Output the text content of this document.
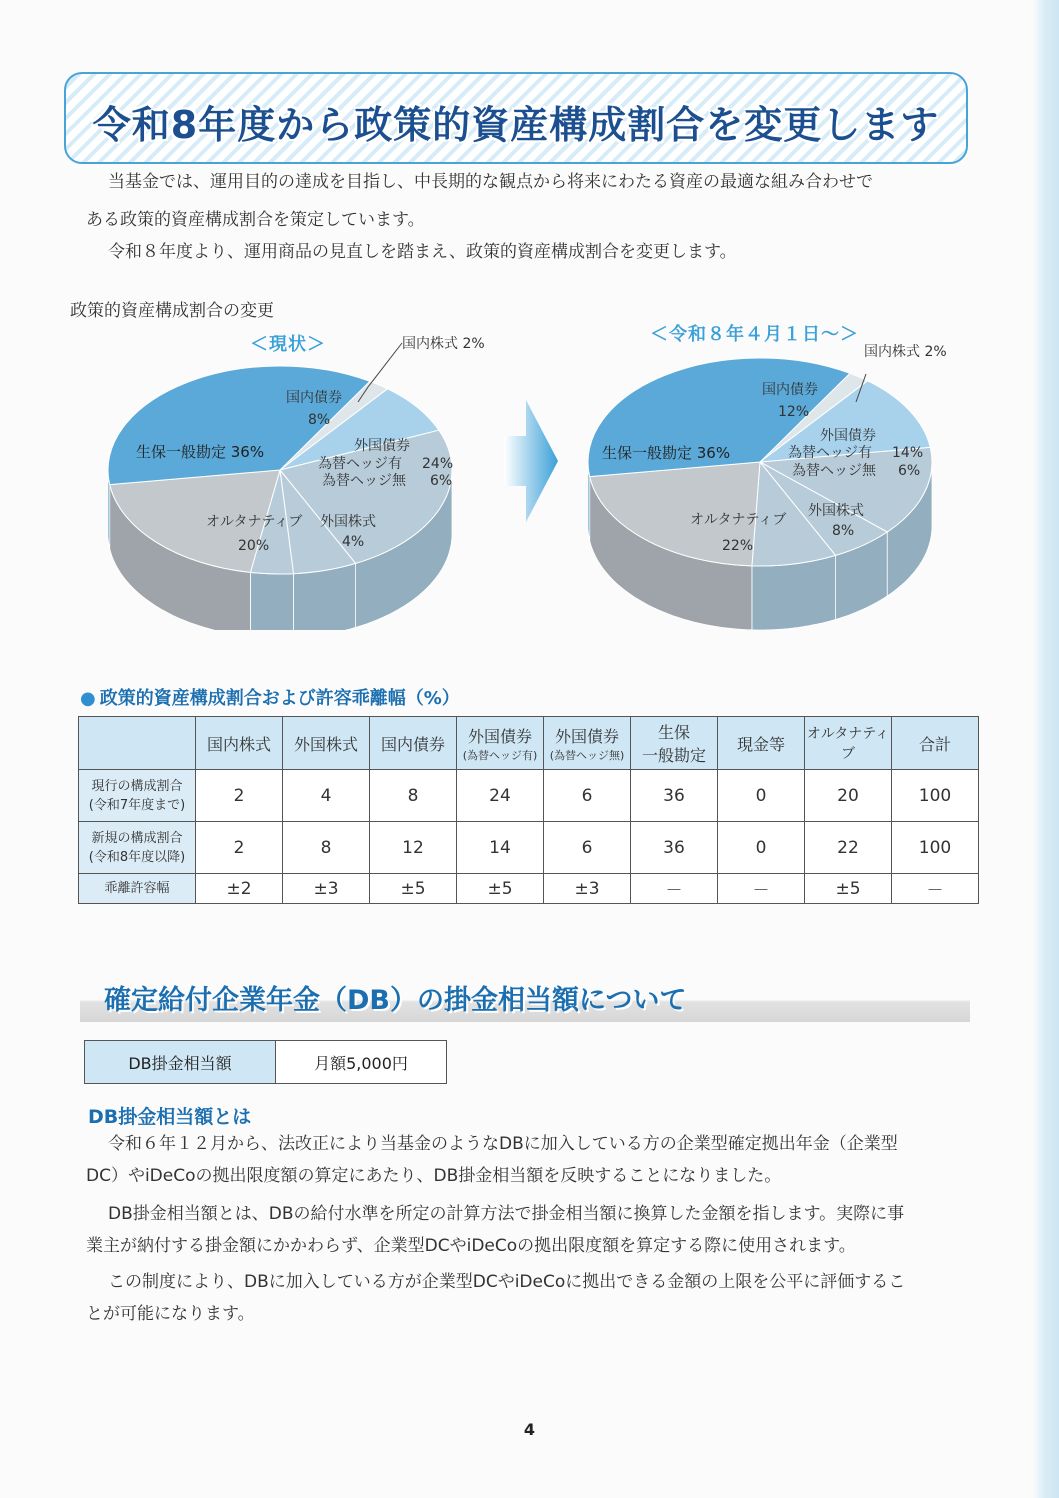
令和8年度から政策的資産構成割合を変更します
当基金では、運用目的の達成を目指し、中長期的な観点から将来にわたる資産の最適な組み合わせで
ある政策的資産構成割合を策定しています。
令和８年度より、運用商品の見直しを踏まえ、政策的資産構成割合を変更します。
政策的資産構成割合の変更
＜現状＞	＜令和８年４月１日～＞
国内株式 2%
国内債券
8%
外国債券
為替ヘッジ有
為替ヘッジ無
24%
6%
外国株式
4%
オルタナティブ
20%
生保一般勘定 36%
国内株式 2%
国内債券
12%
外国債券
為替ヘッジ有
為替ヘッジ無
14%
6%
外国株式
8%
オルタナティブ
22%
生保一般勘定 36%
● 政策的資産構成割合および許容乖離幅（%）
	国内株式	外国株式	国内債券	外国債券
(為替ヘッジ有)	外国債券
(為替ヘッジ無)	生保
一般勘定	現金等	オルタナティブ	合計

現行の構成割合
(令和7年度まで)	2	4	8	24	6	36	0	20	100

新規の構成割合
(令和8年度以降)	2	8	12	14	6	36	0	22	100

乖離許容幅	±2	±3	±5	±5	±3	－	－	±5	－
確定給付企業年金（DB）の掛金相当額について
DB掛金相当額	月額5,000円
DB掛金相当額とは
令和６年１２月から、法改正により当基金のようなDBに加入している方の企業型確定拠出年金（企業型
DC）やiDeCoの拠出限度額の算定にあたり、DB掛金相当額を反映することになりました。
DB掛金相当額とは、DBの給付水準を所定の計算方法で掛金相当額に換算した金額を指します。実際に事
業主が納付する掛金額にかかわらず、企業型DCやiDeCoの拠出限度額を算定する際に使用されます。
この制度により、DBに加入している方が企業型DCやiDeCoに拠出できる金額の上限を公平に評価するこ
とが可能になります。
4
